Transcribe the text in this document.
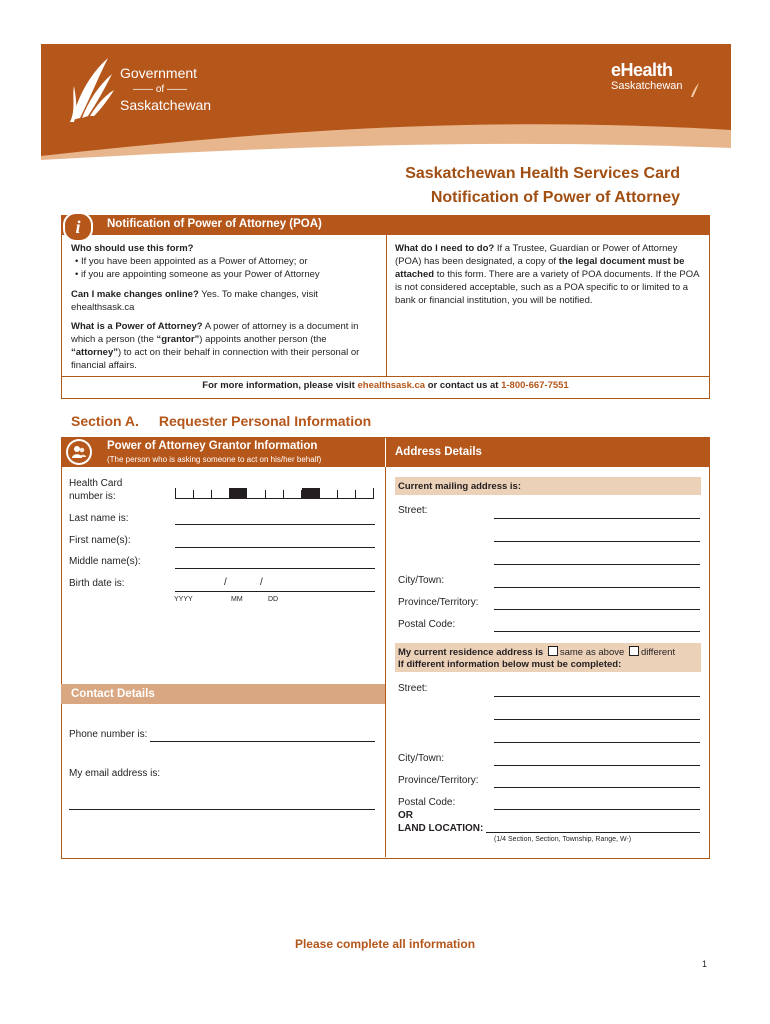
Government
—— of ——
Saskatchewan
eHealth
Saskatchewan
Saskatchewan Health Services Card
Notification of Power of Attorney
Notification of Power of Attorney (POA)
i
Who should use this form?
• If you have been appointed as a Power of Attorney; or
• if you are appointing someone as your Power of Attorney
Can I make changes online? Yes. To make changes, visit ehealthsask.ca
What is a Power of Attorney? A power of attorney is a document in which a person (the “grantor”) appoints another person (the “attorney”) to act on their behalf in connection with their personal or financial affairs.
What do I need to do? If a Trustee, Guardian or Power of Attorney (POA) has been designated, a copy of the legal document must be attached to this form. There are a variety of POA documents. If the POA is not considered acceptable, such as a POA specific to or limited to a bank or financial institution, you will be notified.
For more information, please visit ehealthsask.ca or contact us at 1-800-667-7551
Section A. Requester Personal Information
Power of Attorney Grantor Information
(The person who is asking someone to act on his/her behalf)
Address Details
Health Card number is:
Last name is:
First name(s):
Middle name(s):
Birth date is:	/	/
YYYY	MM	DD
Contact Details
Phone number is:
My email address is:
Current mailing address is:
Street:
City/Town:
Province/Territory:
Postal Code:
My current residence address is same as above different
If different information below must be completed:
Street:
City/Town:
Province/Territory:
Postal Code:
OR
LAND LOCATION:
(1/4 Section, Section, Township, Range, W-)
Please complete all information
1
